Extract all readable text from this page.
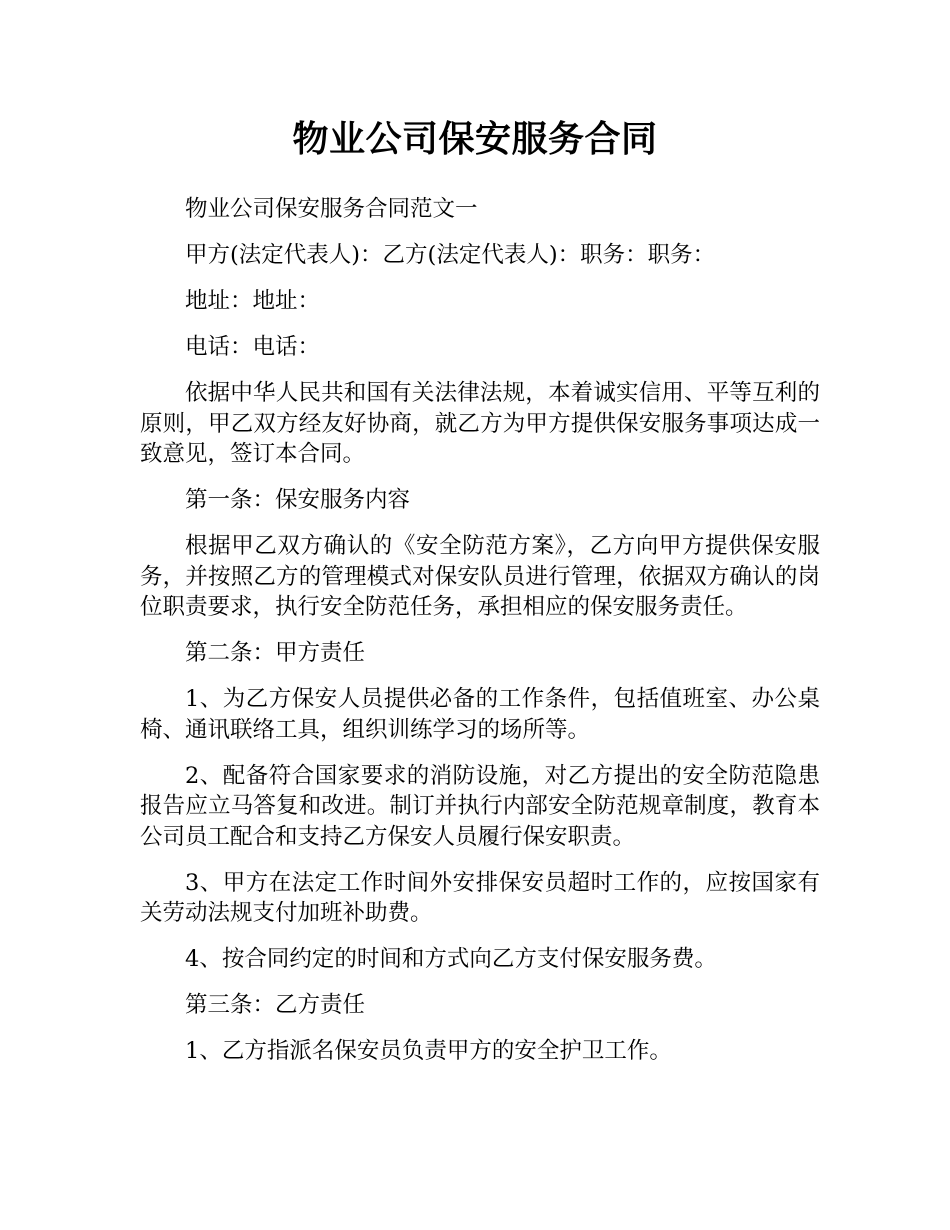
物业公司保安服务合同

物业公司保安服务合同范文一

甲方(法定代表人)：乙方(法定代表人)：职务：职务：

地址：地址：

电话：电话：

依据中华人民共和国有关法律法规，本着诚实信用、平等互利的原则，甲乙双方经友好协商，就乙方为甲方提供保安服务事项达成一致意见，签订本合同。

第一条：保安服务内容

根据甲乙双方确认的《安全防范方案》，乙方向甲方提供保安服务，并按照乙方的管理模式对保安队员进行管理，依据双方确认的岗位职责要求，执行安全防范任务，承担相应的保安服务责任。

第二条：甲方责任

1、为乙方保安人员提供必备的工作条件，包括值班室、办公桌椅、通讯联络工具，组织训练学习的场所等。

2、配备符合国家要求的消防设施，对乙方提出的安全防范隐患报告应立马答复和改进。制订并执行内部安全防范规章制度，教育本公司员工配合和支持乙方保安人员履行保安职责。

3、甲方在法定工作时间外安排保安员超时工作的，应按国家有关劳动法规支付加班补助费。

4、按合同约定的时间和方式向乙方支付保安服务费。

第三条：乙方责任

1、乙方指派名保安员负责甲方的安全护卫工作。
